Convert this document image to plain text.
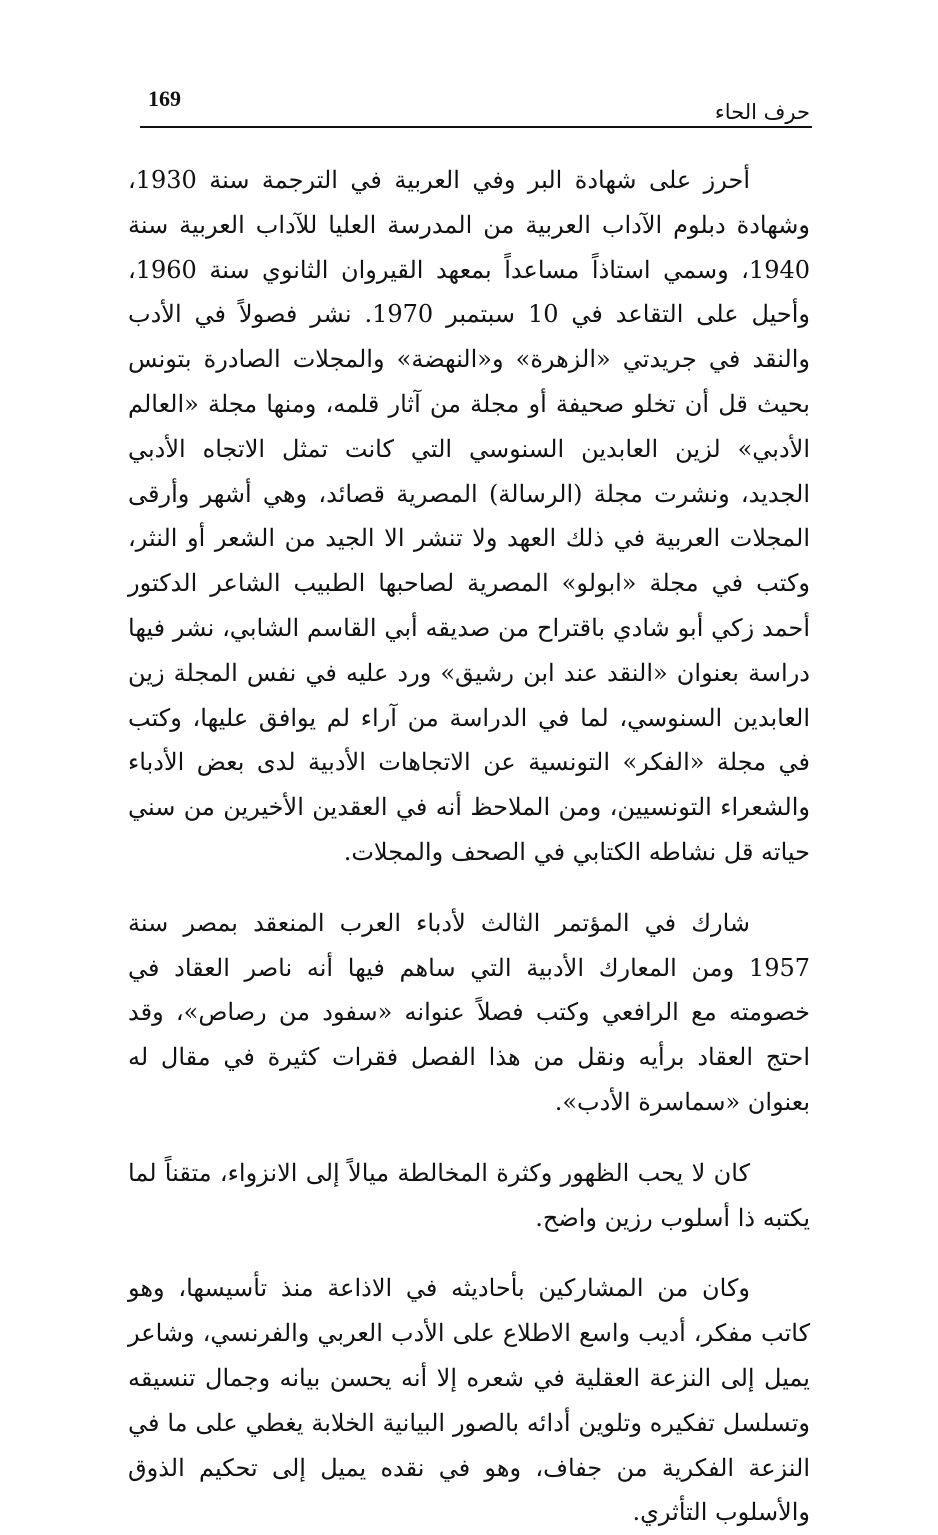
169
حرف الحاء

أحرز على شهادة البر وفي العربية في الترجمة سنة 1930، وشهادة دبلوم الآداب العربية من المدرسة العليا للآداب العربية سنة 1940، وسمي استاذاً مساعداً بمعهد القيروان الثانوي سنة 1960، وأحيل على التقاعد في 10 سبتمبر 1970. نشر فصولاً في الأدب والنقد في جريدتي «الزهرة» و«النهضة» والمجلات الصادرة بتونس بحيث قل أن تخلو صحيفة أو مجلة من آثار قلمه، ومنها مجلة «العالم الأدبي» لزين العابدين السنوسي التي كانت تمثل الاتجاه الأدبي الجديد، ونشرت مجلة (الرسالة) المصرية قصائد، وهي أشهر وأرقى المجلات العربية في ذلك العهد ولا تنشر الا الجيد من الشعر أو النثر، وكتب في مجلة «ابولو» المصرية لصاحبها الطبيب الشاعر الدكتور أحمد زكي أبو شادي باقتراح من صديقه أبي القاسم الشابي، نشر فيها دراسة بعنوان «النقد عند ابن رشيق» ورد عليه في نفس المجلة زين العابدين السنوسي، لما في الدراسة من آراء لم يوافق عليها، وكتب في مجلة «الفكر» التونسية عن الاتجاهات الأدبية لدى بعض الأدباء والشعراء التونسيين، ومن الملاحظ أنه في العقدين الأخيرين من سني حياته قل نشاطه الكتابي في الصحف والمجلات.

شارك في المؤتمر الثالث لأدباء العرب المنعقد بمصر سنة 1957 ومن المعارك الأدبية التي ساهم فيها أنه ناصر العقاد في خصومته مع الرافعي وكتب فصلاً عنوانه «سفود من رصاص»، وقد احتج العقاد برأيه ونقل من هذا الفصل فقرات كثيرة في مقال له بعنوان «سماسرة الأدب».

كان لا يحب الظهور وكثرة المخالطة ميالاً إلى الانزواء، متقناً لما يكتبه ذا أسلوب رزين واضح.

وكان من المشاركين بأحاديثه في الاذاعة منذ تأسيسها، وهو كاتب مفكر، أديب واسع الاطلاع على الأدب العربي والفرنسي، وشاعر يميل إلى النزعة العقلية في شعره إلا أنه يحسن بيانه وجمال تنسيقه وتسلسل تفكيره وتلوين أدائه بالصور البيانية الخلابة يغطي على ما في النزعة الفكرية من جفاف، وهو في نقده يميل إلى تحكيم الذوق والأسلوب التأثري.
